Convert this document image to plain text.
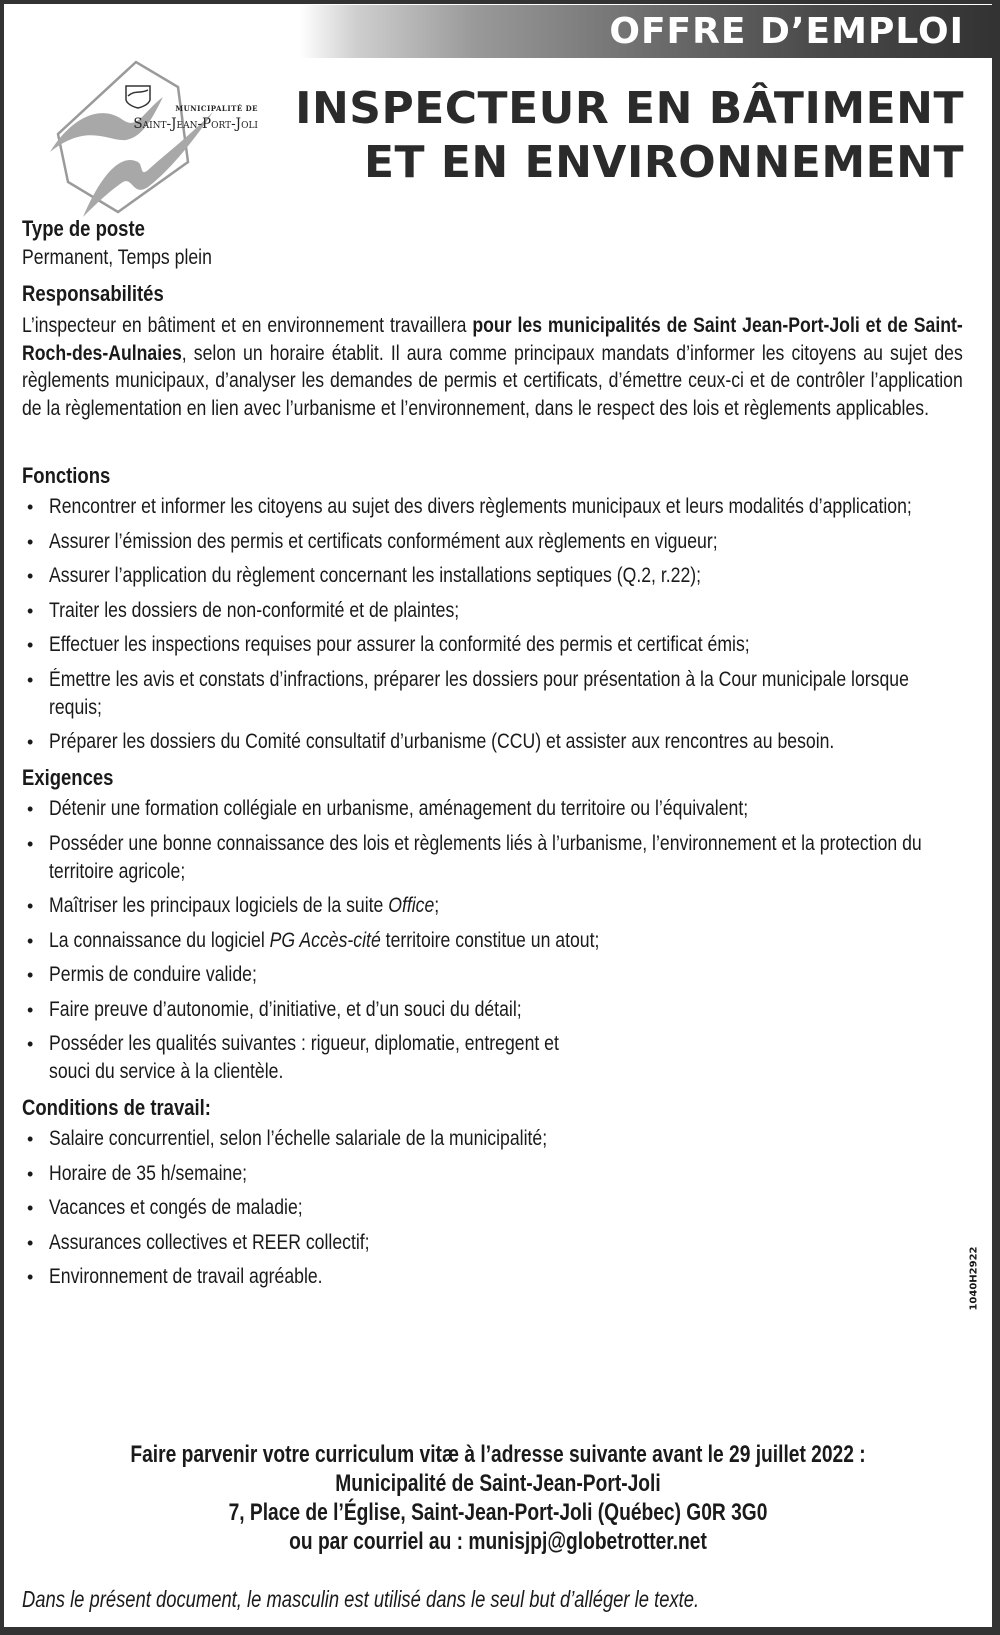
OFFRE D’EMPLOI
MUNICIPALITÉ DE
Saint-Jean-Port-Joli INSPECTEUR EN BÂTIMENT
ET EN ENVIRONNEMENT
Type de poste

Permanent, Temps plein

Responsabilités

L’inspecteur en bâtiment et en environnement travaillera pour les municipalités de Saint Jean-Port-Joli et de Saint-Roch-des-Aulnaies, selon un horaire établit. Il aura comme principaux mandats d’informer les citoyens au sujet des règlements municipaux, d’analyser les demandes de permis et certificats, d’émettre ceux-ci et de contrôler l’application de la règlementation en lien avec l’urbanisme et l’environnement, dans le respect des lois et règlements applicables.

Fonctions
• Rencontrer et informer les citoyens au sujet des divers règlements municipaux et leurs modalités d’application;
• Assurer l’émission des permis et certificats conformément aux règlements en vigueur;
• Assurer l’application du règlement concernant les installations septiques (Q.2, r.22);
• Traiter les dossiers de non-conformité et de plaintes;
• Effectuer les inspections requises pour assurer la conformité des permis et certificat émis;
• Émettre les avis et constats d’infractions, préparer les dossiers pour présentation à la Cour municipale lorsque requis;
• Préparer les dossiers du Comité consultatif d’urbanisme (CCU) et assister aux rencontres au besoin.
Exigences
• Détenir une formation collégiale en urbanisme, aménagement du territoire ou l’équivalent;
• Posséder une bonne connaissance des lois et règlements liés à l’urbanisme, l’environnement et la protection du territoire agricole;
• Maîtriser les principaux logiciels de la suite Office;
• La connaissance du logiciel PG Accès-cité territoire constitue un atout;
• Permis de conduire valide;
• Faire preuve d’autonomie, d’initiative, et d’un souci du détail;
• Posséder les qualités suivantes : rigueur, diplomatie, entregent et
souci du service à la clientèle.
Conditions de travail:
• Salaire concurrentiel, selon l’échelle salariale de la municipalité;
• Horaire de 35 h/semaine;
• Vacances et congés de maladie;
• Assurances collectives et REER collectif;
• Environnement de travail agréable.	1040H2922
Faire parvenir votre curriculum vitæ à l’adresse suivante avant le 29 juillet 2022 :
Municipalité de Saint-Jean-Port-Joli
7, Place de l’Église, Saint-Jean-Port-Joli (Québec) G0R 3G0
ou par courriel au : munisjpj@globetrotter.net
Dans le présent document, le masculin est utilisé dans le seul but d’alléger le texte.
